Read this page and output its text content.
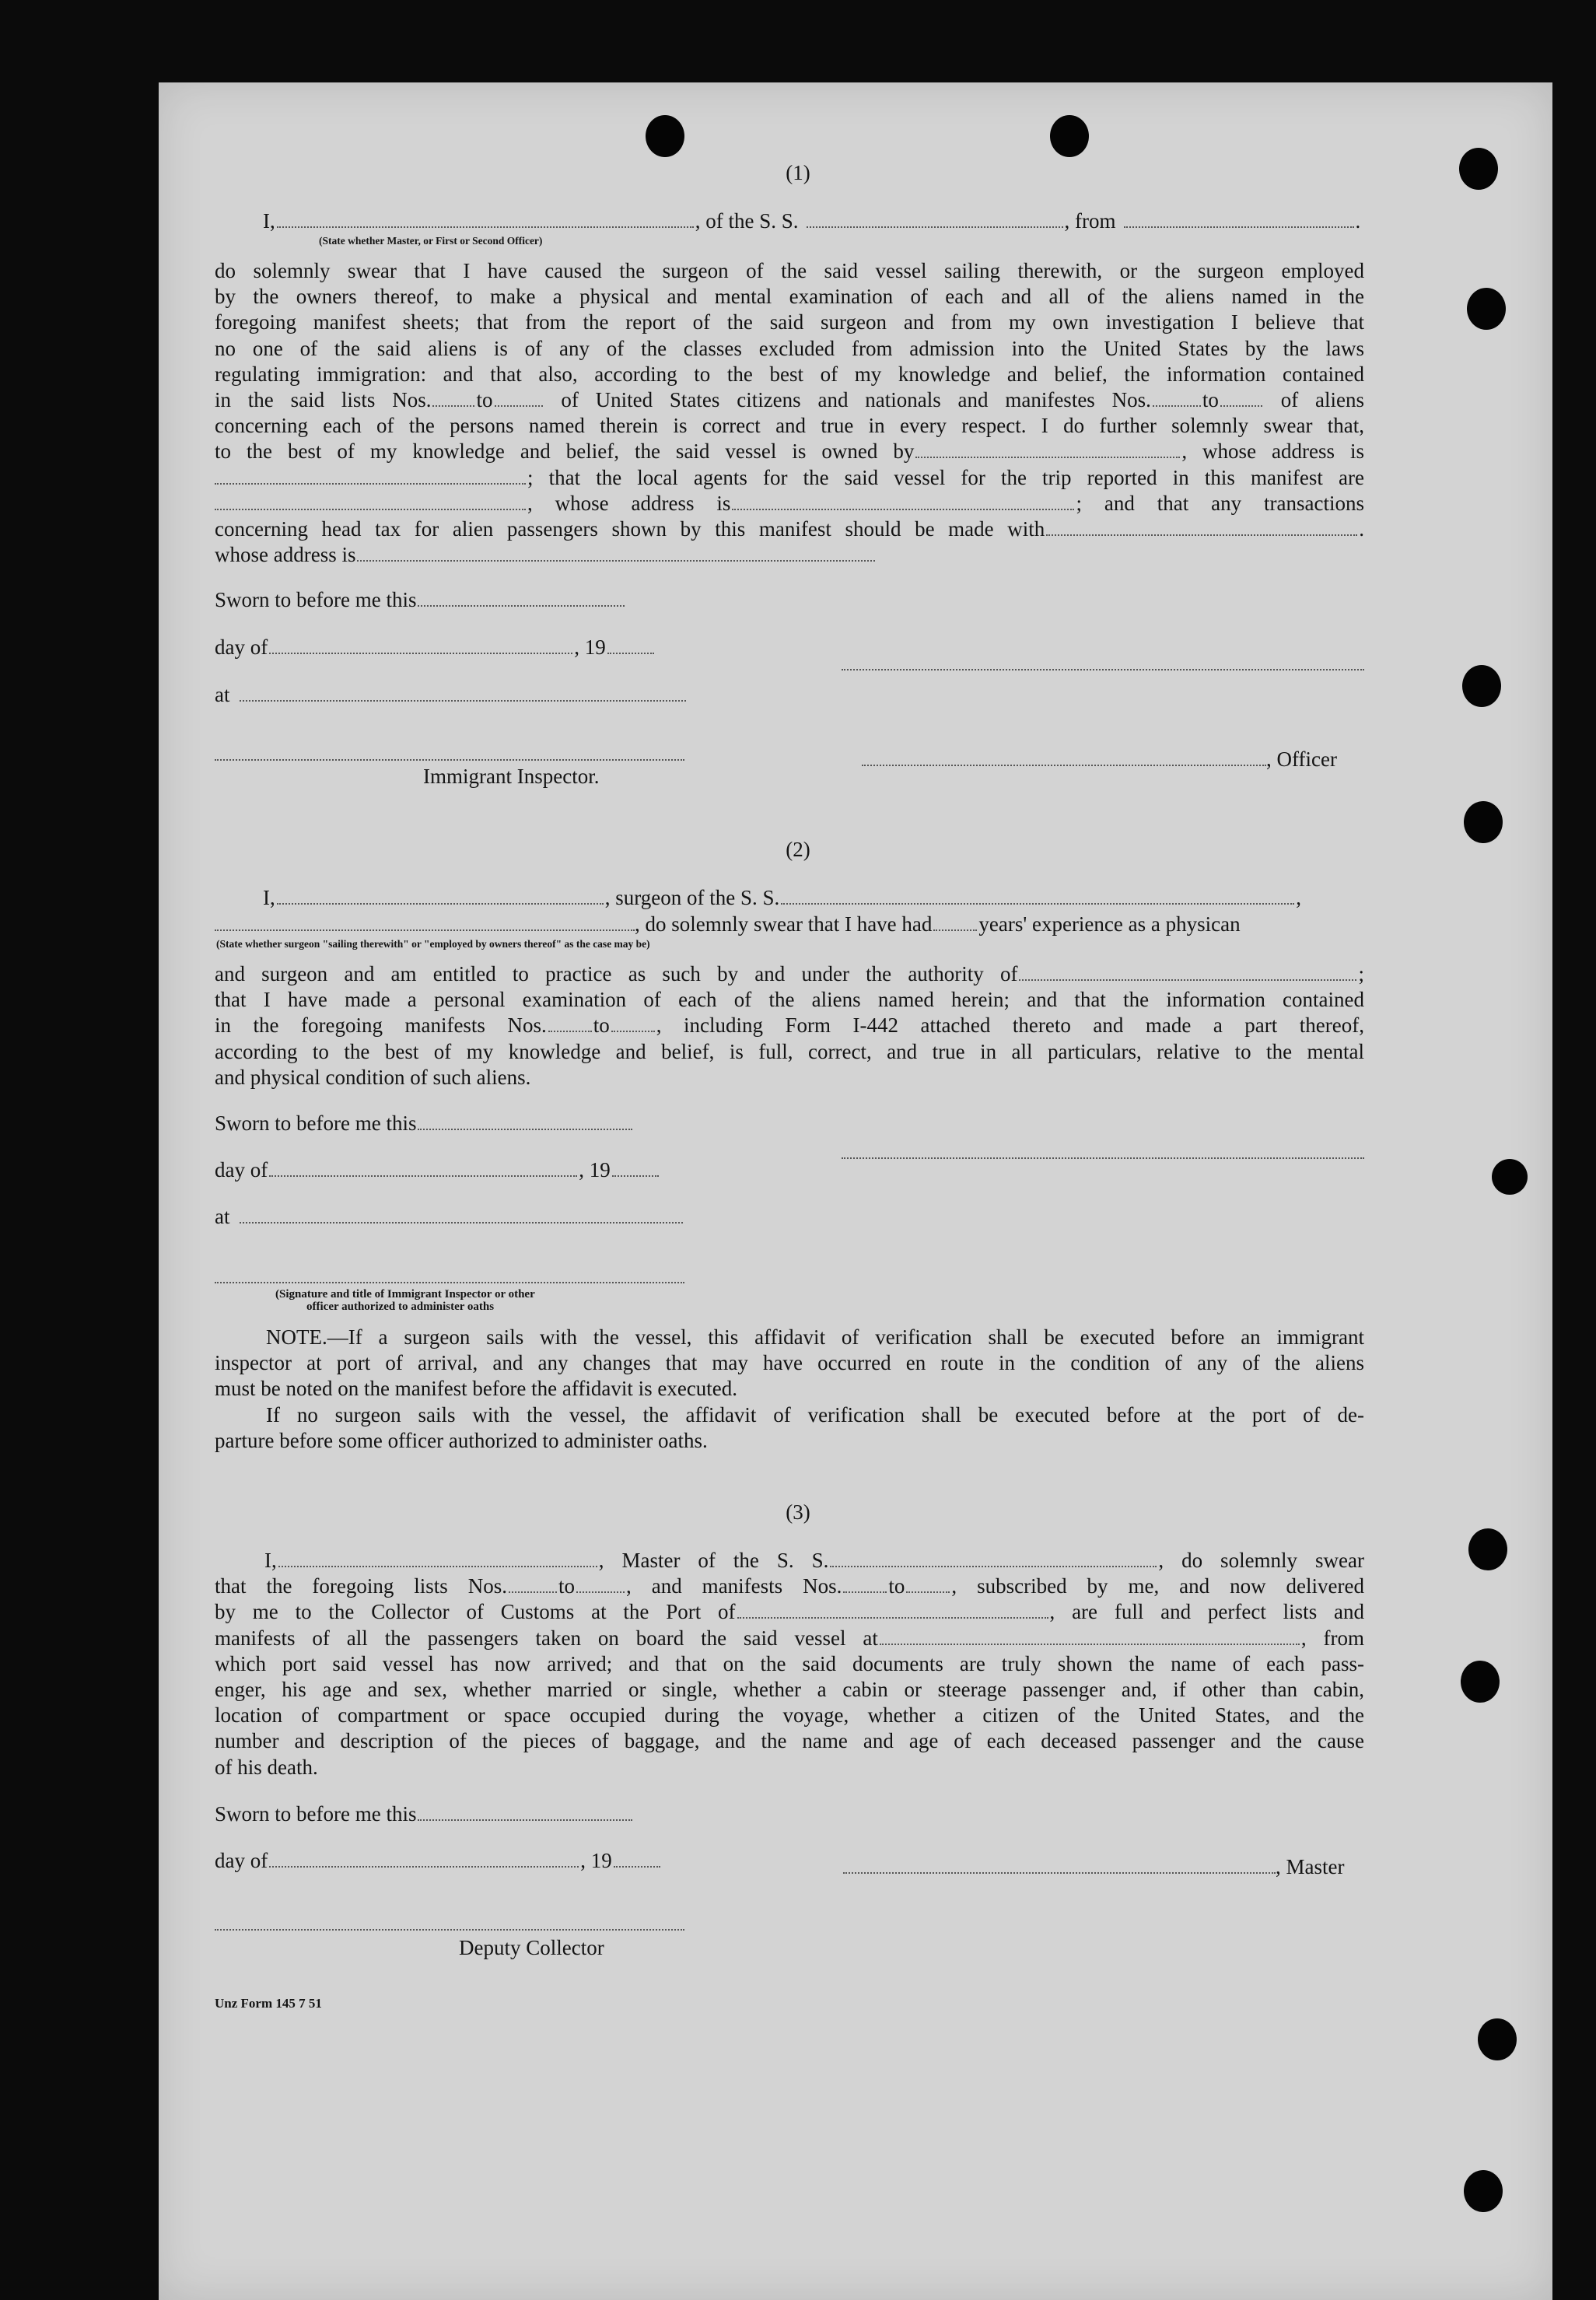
(1)
I,	, of the S. S.	, from	.
(State whether Master, or First or Second Officer)
do solemnly swear that I have caused the surgeon of the said vessel sailing therewith, or the surgeon employed
by the owners thereof, to make a physical and mental examination of each and all of the aliens named in the
foregoing manifest sheets; that from the report of the said surgeon and from my own investigation I believe that
no one of the said aliens is of any of the classes excluded from admission into the United States by the laws
regulating immigration: and that also, according to the best of my knowledge and belief, the information contained
in the said lists Nos. to	of United States citizens and nationals and manifestes Nos. to	of aliens
concerning each of the persons named therein is correct and true in every respect. I do further solemnly swear that,
to the best of my knowledge and belief, the said vessel is owned by	, whose address is
; that the local agents for the said vessel for the trip reported in this manifest are
, whose address is	; and that any transactions
concerning head tax for alien passengers shown by this manifest should be made with	.
whose address is
Sworn to before me this
day of	, 19
at
Immigrant Inspector.
, Officer
(2)
I,	, surgeon of the S. S.	,
, do solemnly swear that I have had years' experience as a physican
(State whether surgeon "sailing therewith" or "employed by owners thereof" as the case may be)
and surgeon and am entitled to practice as such by and under the authority of	;
that I have made a personal examination of each of the aliens named herein; and that the information contained
in the foregoing manifests Nos. to , including Form I-442 attached thereto and made a part thereof,
according to the best of my knowledge and belief, is full, correct, and true in all particulars, relative to the mental
and physical condition of such aliens.
Sworn to before me this
day of	, 19
at
(Signature and title of Immigrant Inspector or other
officer authorized to administer oaths
NOTE.—If a surgeon sails with the vessel, this affidavit of verification shall be executed before an immigrant
inspector at port of arrival, and any changes that may have occurred en route in the condition of any of the aliens
must be noted on the manifest before the affidavit is executed.
If no surgeon sails with the vessel, the affidavit of verification shall be executed before at the port of de-
parture before some officer authorized to administer oaths.
(3)
I,	, Master of the S. S.	, do solemnly swear
that the foregoing lists Nos. to , and manifests Nos. to , subscribed by me, and now delivered
by me to the Collector of Customs at the Port of	, are full and perfect lists and
manifests of all the passengers taken on board the said vessel at	, from
which port said vessel has now arrived; and that on the said documents are truly shown the name of each pass-
enger, his age and sex, whether married or single, whether a cabin or steerage passenger and, if other than cabin,
location of compartment or space occupied during the voyage, whether a citizen of the United States, and the
number and description of the pieces of baggage, and the name and age of each deceased passenger and the cause
of his death.
Sworn to before me this
day of	, 19	, Master
Deputy Collector
Unz Form 145 7 51
